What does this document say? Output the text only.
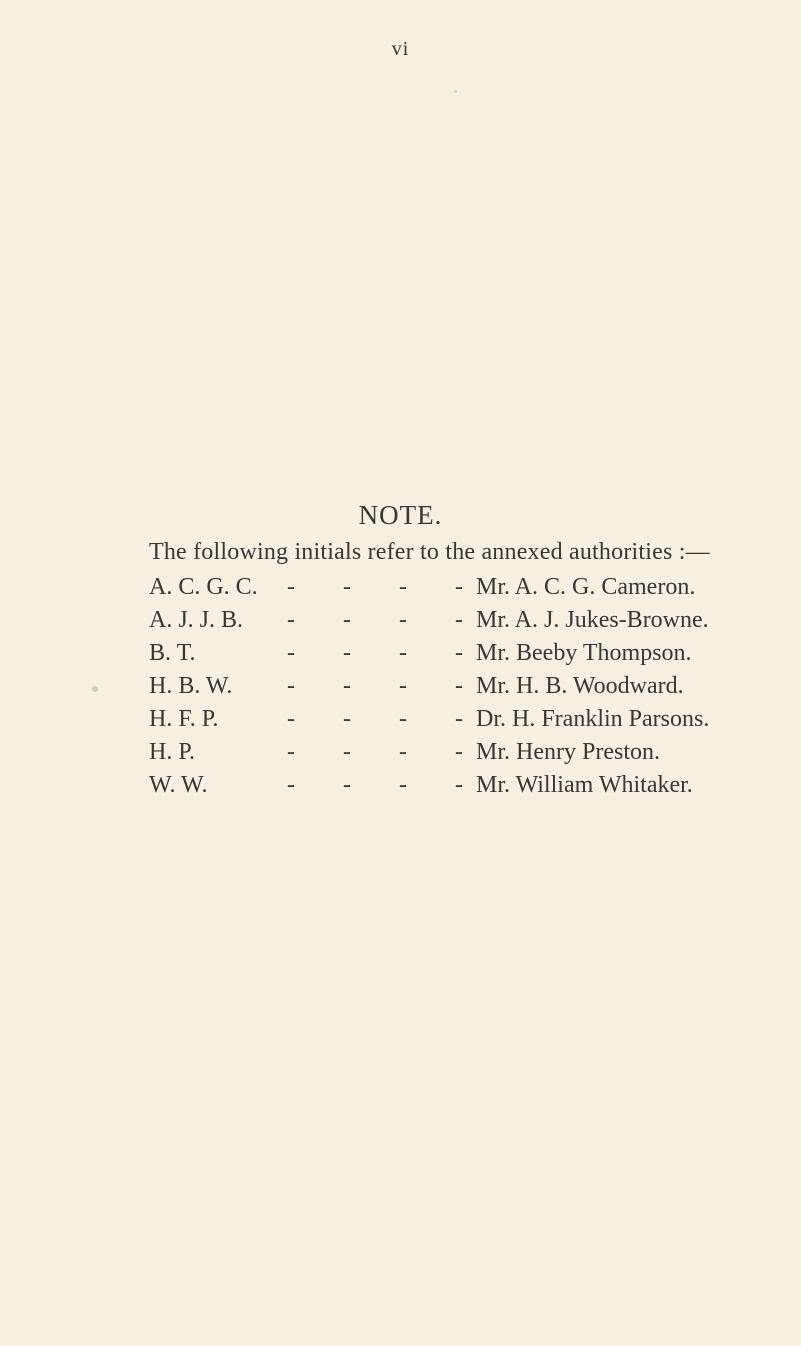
vi
NOTE.
The following initials refer to the annexed authorities :—
A. C. G. C. - - - - Mr. A. C. G. Cameron.
A. J. J. B. - - - - Mr. A. J. Jukes-Browne.
B. T.	- - - - Mr. Beeby Thompson.
H. B. W. - - - - Mr. H. B. Woodward.
H. F. P.	- - - - Dr. H. Franklin Parsons.
H. P.	- - - - Mr. Henry Preston.
W. W.	- - - - Mr. William Whitaker.
